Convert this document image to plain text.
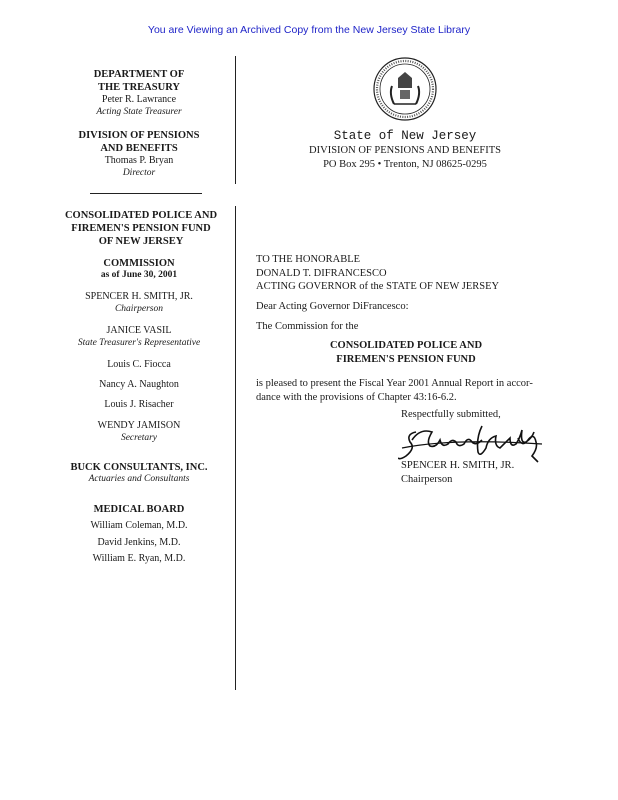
You are Viewing an Archived Copy from the New Jersey State Library
DEPARTMENT OF
THE TREASURY
Peter R. Lawrance
Acting State Treasurer
DIVISION OF PENSIONS
AND BENEFITS
Thomas P. Bryan
Director
CONSOLIDATED POLICE AND
FIREMEN'S PENSION FUND
OF NEW JERSEY
COMMISSION
as of June 30, 2001
SPENCER H. SMITH, JR.
Chairperson
JANICE VASIL
State Treasurer's Representative
Louis C. Fiocca
Nancy A. Naughton
Louis J. Risacher
WENDY JAMISON
Secretary
BUCK CONSULTANTS, INC.
Actuaries and Consultants
MEDICAL BOARD
William Coleman, M.D.
David Jenkins, M.D.
William E. Ryan, M.D.
State of New Jersey
DIVISION OF PENSIONS AND BENEFITS
PO Box 295 • Trenton, NJ 08625-0295
TO THE HONORABLE
DONALD T. DIFRANCESCO
ACTING GOVERNOR of the STATE OF NEW JERSEY
Dear Acting Governor DiFrancesco:
The Commission for the
CONSOLIDATED POLICE AND
FIREMEN'S PENSION FUND
is pleased to present the Fiscal Year 2001 Annual Report in accor-
dance with the provisions of Chapter 43:16-6.2.
Respectfully submitted,
SPENCER H. SMITH, JR.
Chairperson
